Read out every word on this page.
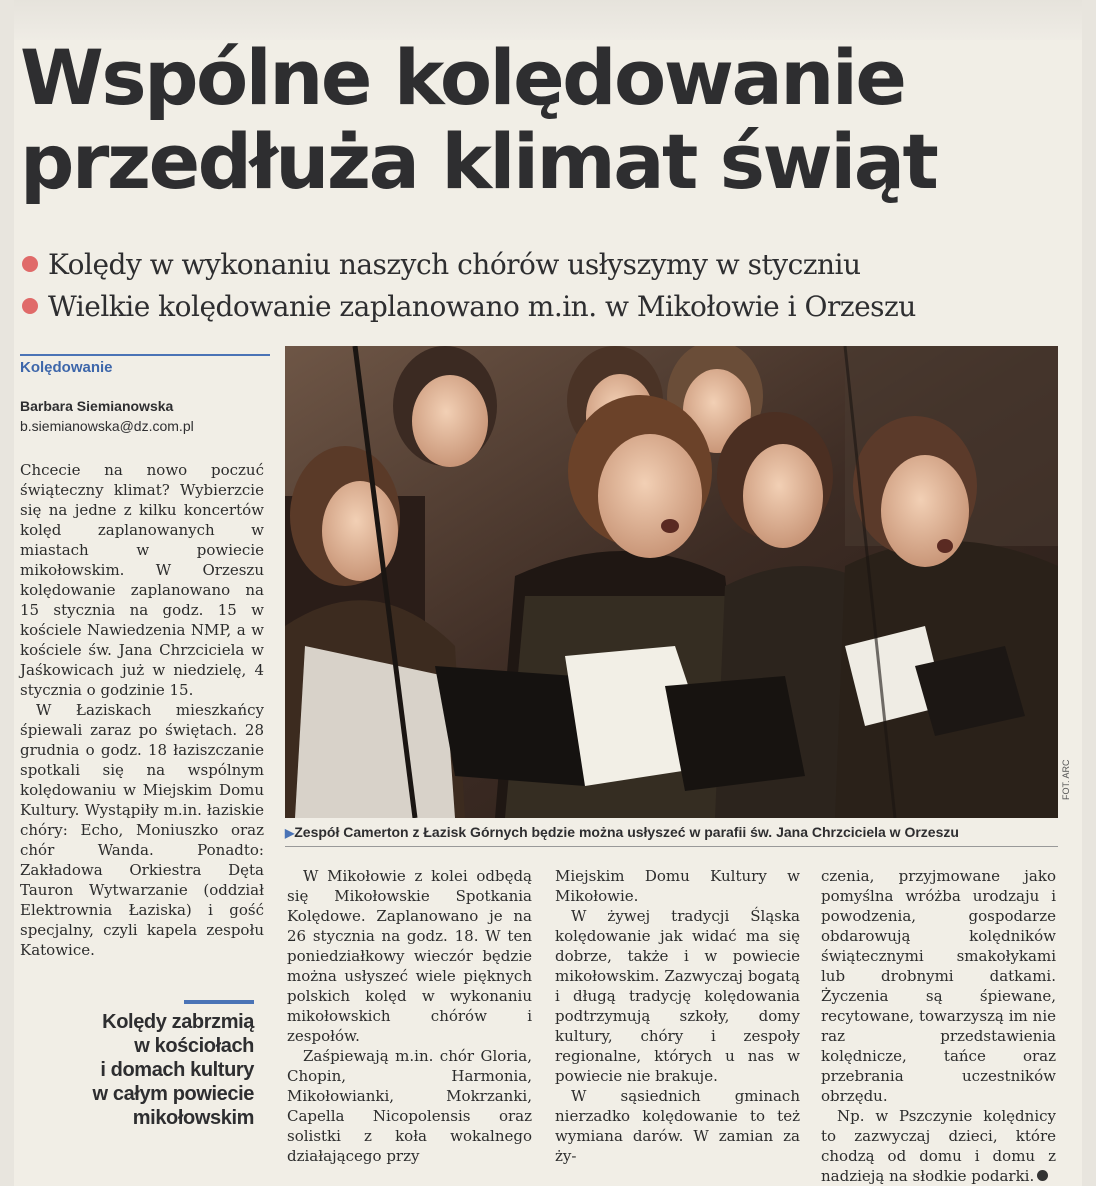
Wspólne kolędowanie
przedłuża klimat świąt
Kolędy w wykonaniu naszych chórów usłyszymy w styczniu
Wielkie kolędowanie zaplanowano m.in. w Mikołowie i Orzeszu
Kolędowanie
Barbara Siemianowska
b.siemianowska@dz.com.pl

Chcecie na nowo poczuć świąteczny klimat? Wybierzcie się na jedne z kilku koncertów kolęd zaplanowanych w miastach w powiecie mikołowskim. W Orzeszu kolędowanie zaplanowano na 15 stycznia na godz. 15 w kościele Nawiedzenia NMP, a w kościele św. Jana Chrzciciela w Jaśkowicach już w niedzielę, 4 stycznia o godzinie 15.

W Łaziskach mieszkańcy śpiewali zaraz po świętach. 28 grudnia o godz. 18 łaziszczanie spotkali się na wspólnym kolędowaniu w Miejskim Domu Kultury. Wystąpiły m.in. łaziskie chóry: Echo, Moniuszko oraz chór Wanda. Ponadto: Zakładowa Orkiestra Dęta Tauron Wytwarzanie (oddział Elektrownia Łaziska) i gość specjalny, czyli kapela zespołu Katowice.

Kolędy zabrzmią
w kościołach
i domach kultury
w całym powiecie
mikołowskim
FOT. ARC
▶Zespół Camerton z Łazisk Górnych będzie można usłyszeć w parafii św. Jana Chrzciciela w Orzeszu

W Mikołowie z kolei odbędą się Mikołowskie Spotkania Kolędowe. Zaplanowano je na 26 stycznia na godz. 18. W ten poniedziałkowy wieczór będzie można usłyszeć wiele pięknych polskich kolęd w wykonaniu mikołowskich chórów i zespołów.

Zaśpiewają m.in. chór Gloria, Chopin, Harmonia, Mikołowianki, Mokrzanki, Capella Nicopolensis oraz solistki z koła wokalnego działającego przy

Miejskim Domu Kultury w Mikołowie.

W żywej tradycji Śląska kolędowanie jak widać ma się dobrze, także i w powiecie mikołowskim. Zazwyczaj bogatą i długą tradycję kolędowania podtrzymują szkoły, domy kultury, chóry i zespoły regionalne, których u nas w powiecie nie brakuje.

W sąsiednich gminach nierzadko kolędowanie to też wymiana darów. W zamian za ży-

czenia, przyjmowane jako pomyślna wróżba urodzaju i powodzenia, gospodarze obdarowują kolędników świątecznymi smakołykami lub drobnymi datkami. Życzenia są śpiewane, recytowane, towarzyszą im nie raz przedstawienia kolędnicze, tańce oraz przebrania uczestników obrzędu.

Np. w Pszczynie kolędnicy to zazwyczaj dzieci, które chodzą od domu i domu z nadzieją na słodkie podarki.
